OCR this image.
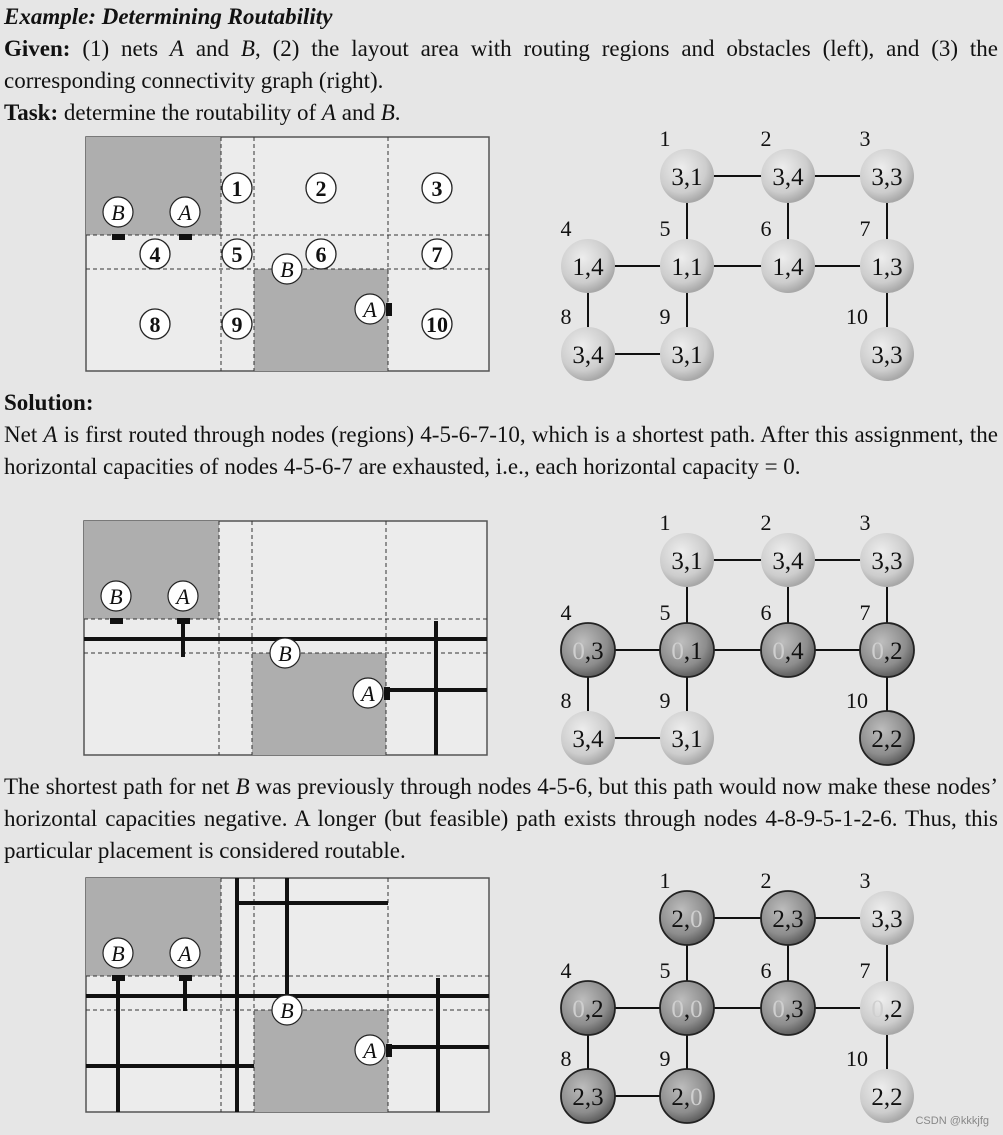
Example: Determining Routability

Given: (1) nets A and B, (2) the layout area with routing regions and obstacles (left), and (3) the corresponding connectivity graph (right).

Task: determine the routability of A and B.

Solution:

Net A is first routed through nodes (regions) 4-5-6-7-10, which is a shortest path. After this assignment, the horizontal capacities of nodes 4-5-6-7 are exhausted, i.e., each horizontal capacity = 0.

The shortest path for net B was previously through nodes 4-5-6, but this path would now make these nodes’ horizontal capacities negative. A longer (but feasible) path exists through nodes 4-8-9-5-1-2-6. Thus, this particular placement is considered routable.

1	2	3
4	5	6	7
8	9	10
B A
B
A
B A
B
A
B A
B
A
3,1
1
3,4
2
3,3
3
1,4
4
1,1
5
1,4
6
1,3
7
3,4
8
3,1
9
3,3
10
3,1
1
3,4
2
3,3
3
0,3
4
0,1
5
0,4
6
0,2
7
3,4
8
3,1
9
2,2
10
2,0
1
2,3
2
3,3
3
0,2
4
0,0
5
0,3
6
0,2
7
2,3
8
2,0
9
2,2
10
CSDN @kkkjfg
